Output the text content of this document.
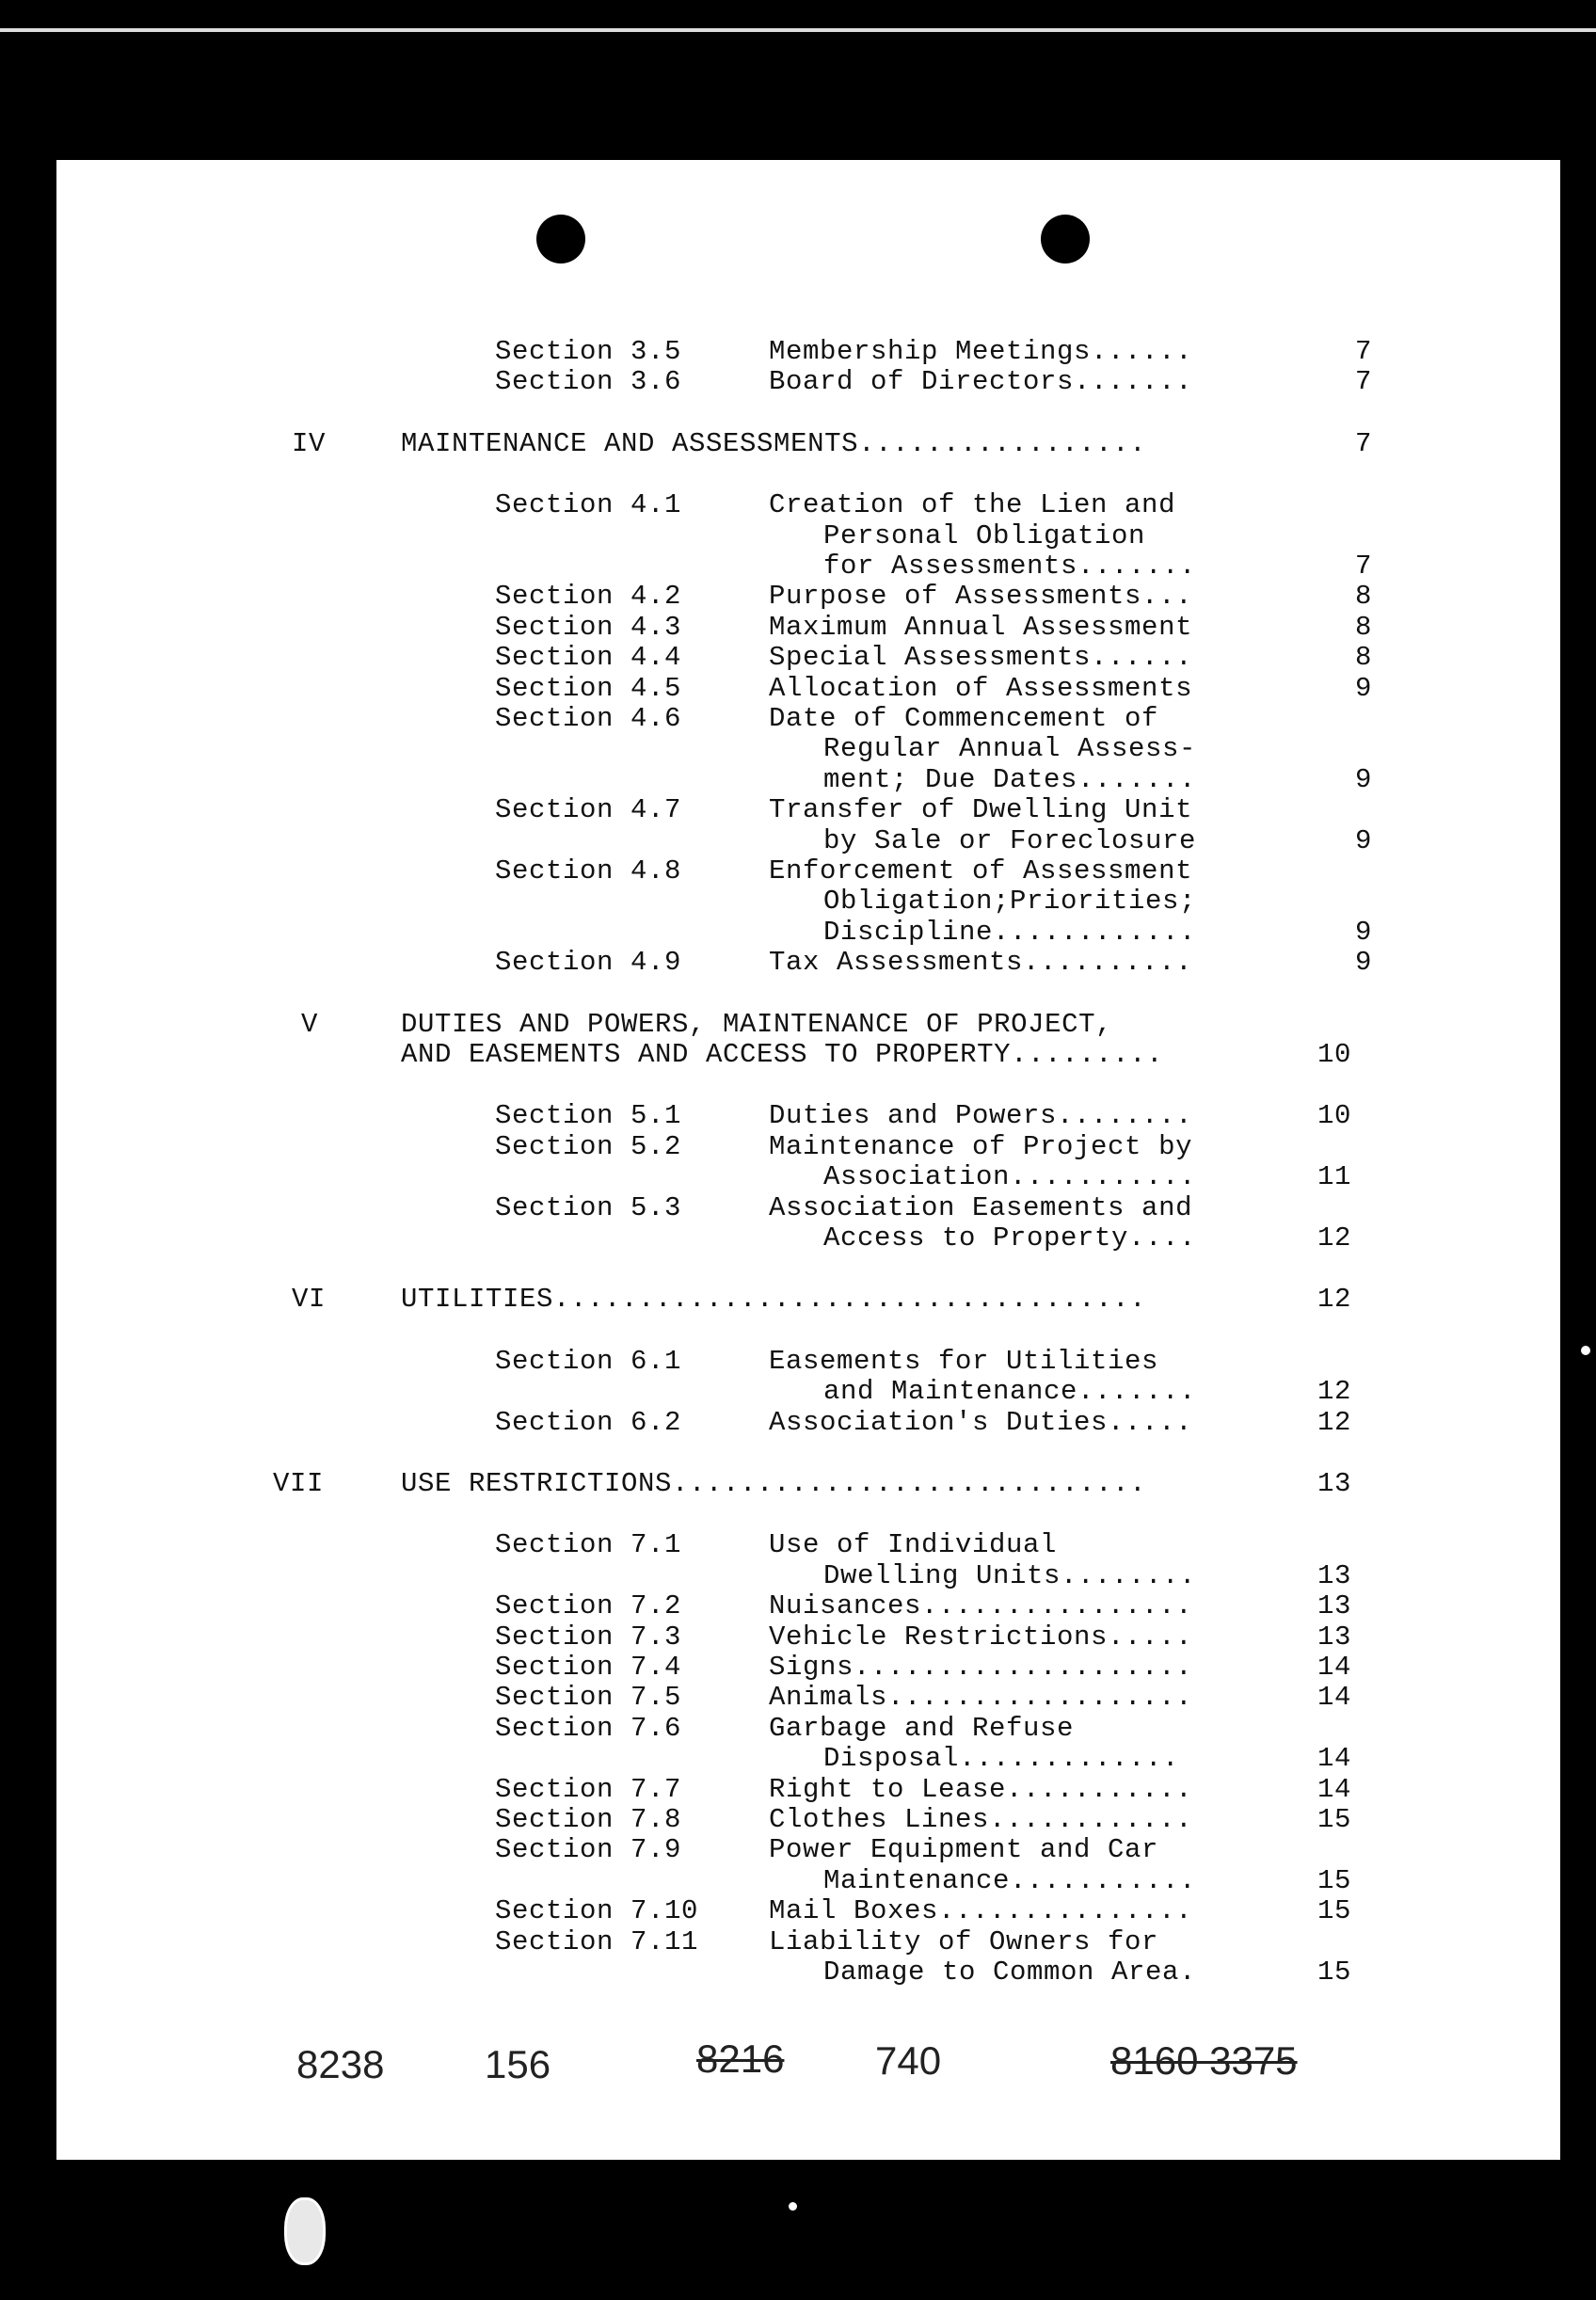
Section 3.5	Membership Meetings......	7
Section 3.6	Board of Directors.......	7
IV	MAINTENANCE AND ASSESSMENTS.................	7
Section 4.1	Creation of the Lien and
Personal Obligation
for Assessments.......	7
Section 4.2	Purpose of Assessments...	8
Section 4.3	Maximum Annual Assessment	8
Section 4.4	Special Assessments......	8
Section 4.5	Allocation of Assessments	9
Section 4.6	Date of Commencement of
Regular Annual Assess-
ment; Due Dates.......	9
Section 4.7	Transfer of Dwelling Unit
by Sale or Foreclosure	9
Section 4.8	Enforcement of Assessment
Obligation;Priorities;
Discipline............	9
Section 4.9	Tax Assessments..........	9
V	DUTIES AND POWERS, MAINTENANCE OF PROJECT,
AND EASEMENTS AND ACCESS TO PROPERTY.........	10
Section 5.1	Duties and Powers........	10
Section 5.2	Maintenance of Project by
Association...........	11
Section 5.3	Association Easements and
Access to Property....	12
VI	UTILITIES...................................	12
Section 6.1	Easements for Utilities
and Maintenance.......	12
Section 6.2	Association's Duties.....	12
VII	USE RESTRICTIONS............................	13
Section 7.1	Use of Individual
Dwelling Units........	13
Section 7.2	Nuisances................	13
Section 7.3	Vehicle Restrictions.....	13
Section 7.4	Signs....................	14
Section 7.5	Animals..................	14
Section 7.6	Garbage and Refuse
Disposal.............	14
Section 7.7	Right to Lease...........	14
Section 7.8	Clothes Lines............	15
Section 7.9	Power Equipment and Car
Maintenance...........	15
Section 7.10	Mail Boxes...............	15
Section 7.11	Liability of Owners for
Damage to Common Area.	15
8238	156	8216 740	8160 3375
